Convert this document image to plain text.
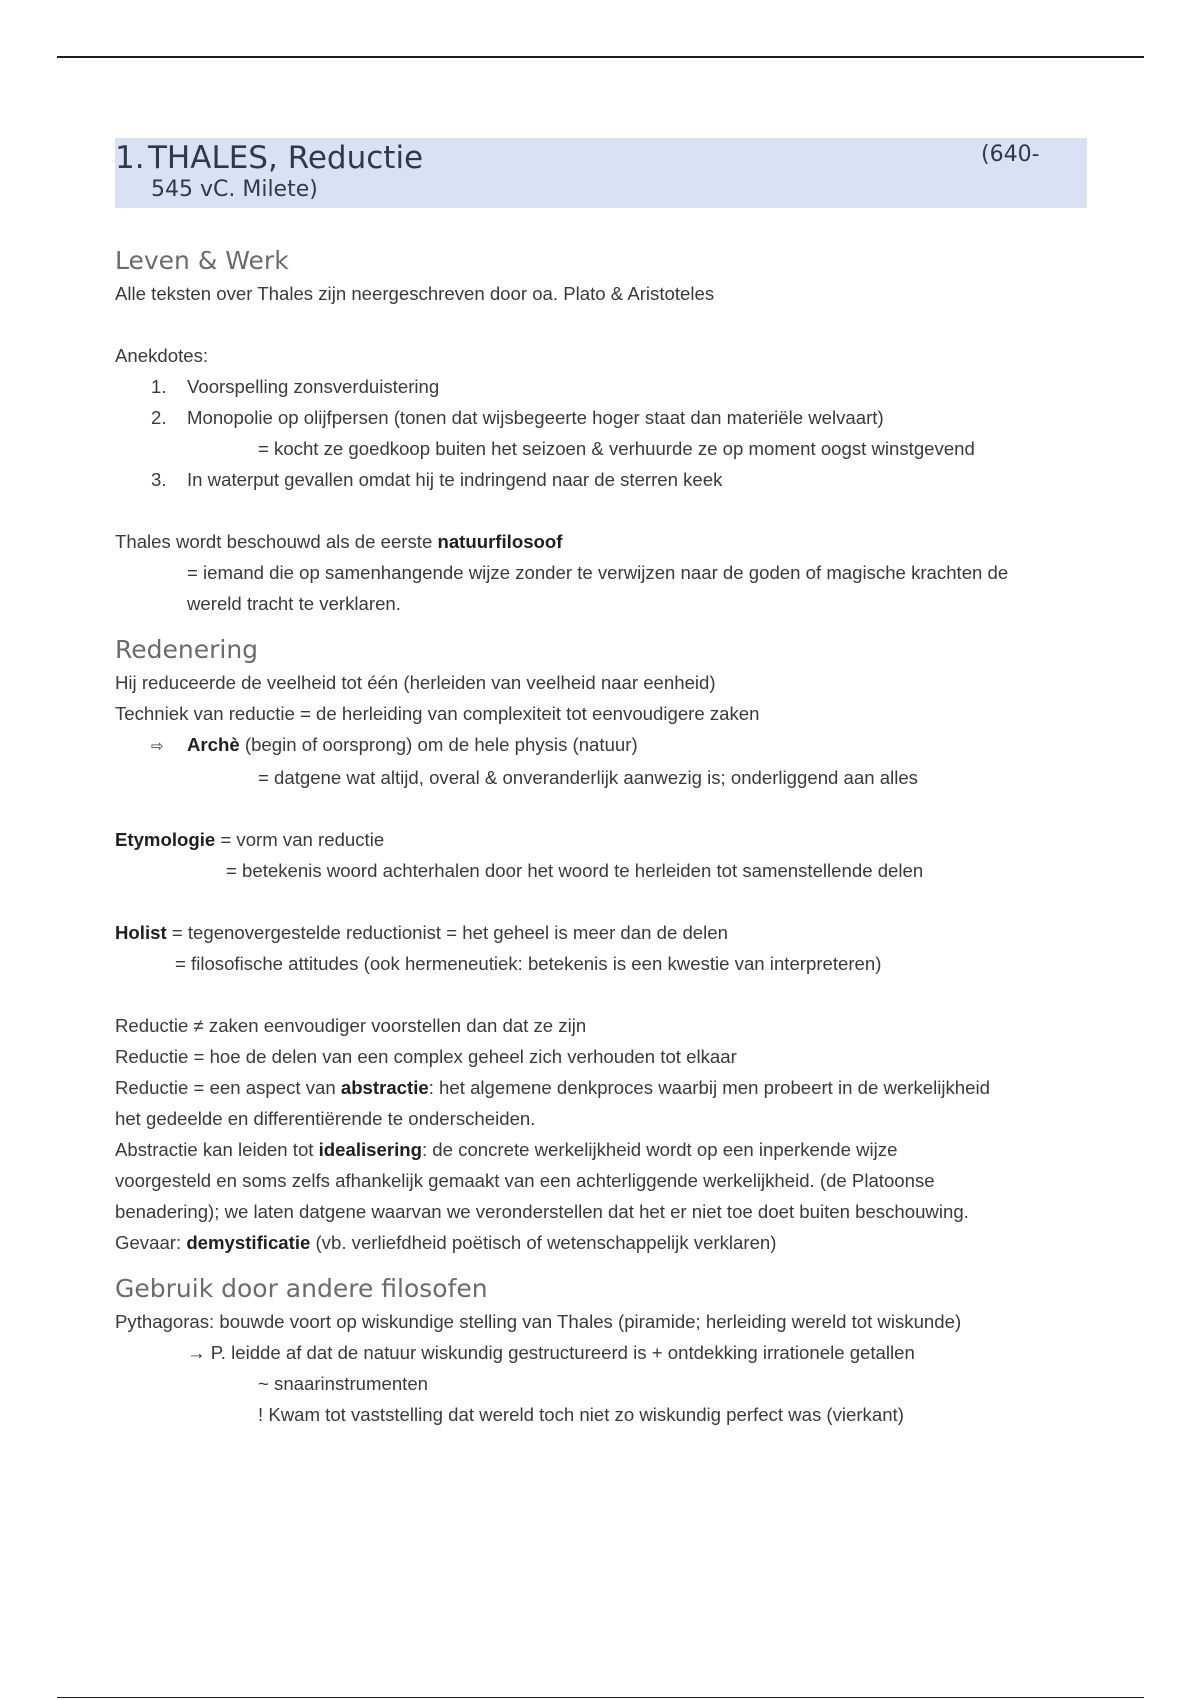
1. THALES, Reductie	(640-
545 vC. Milete)
Leven & Werk
Alle teksten over Thales zijn neergeschreven door oa. Plato & Aristoteles
Anekdotes:
1. Voorspelling zonsverduistering
2. Monopolie op olijfpersen (tonen dat wijsbegeerte hoger staat dan materiële welvaart)
= kocht ze goedkoop buiten het seizoen & verhuurde ze op moment oogst winstgevend
3. In waterput gevallen omdat hij te indringend naar de sterren keek
Thales wordt beschouwd als de eerste natuurfilosoof
= iemand die op samenhangende wijze zonder te verwijzen naar de goden of magische krachten de
wereld tracht te verklaren.
Redenering
Hij reduceerde de veelheid tot één (herleiden van veelheid naar eenheid)
Techniek van reductie = de herleiding van complexiteit tot eenvoudigere zaken
⇨ Archè (begin of oorsprong) om de hele physis (natuur)
= datgene wat altijd, overal & onveranderlijk aanwezig is; onderliggend aan alles
Etymologie = vorm van reductie
= betekenis woord achterhalen door het woord te herleiden tot samenstellende delen
Holist = tegenovergestelde reductionist = het geheel is meer dan de delen
= filosofische attitudes (ook hermeneutiek: betekenis is een kwestie van interpreteren)
Reductie ≠ zaken eenvoudiger voorstellen dan dat ze zijn
Reductie = hoe de delen van een complex geheel zich verhouden tot elkaar
Reductie = een aspect van abstractie: het algemene denkproces waarbij men probeert in de werkelijkheid
het gedeelde en differentiërende te onderscheiden.
Abstractie kan leiden tot idealisering: de concrete werkelijkheid wordt op een inperkende wijze
voorgesteld en soms zelfs afhankelijk gemaakt van een achterliggende werkelijkheid. (de Platoonse
benadering); we laten datgene waarvan we veronderstellen dat het er niet toe doet buiten beschouwing.
Gevaar: demystificatie (vb. verliefdheid poëtisch of wetenschappelijk verklaren)
Gebruik door andere filosofen
Pythagoras: bouwde voort op wiskundige stelling van Thales (piramide; herleiding wereld tot wiskunde)
→ P. leidde af dat de natuur wiskundig gestructureerd is + ontdekking irrationele getallen
~ snaarinstrumenten
! Kwam tot vaststelling dat wereld toch niet zo wiskundig perfect was (vierkant)
